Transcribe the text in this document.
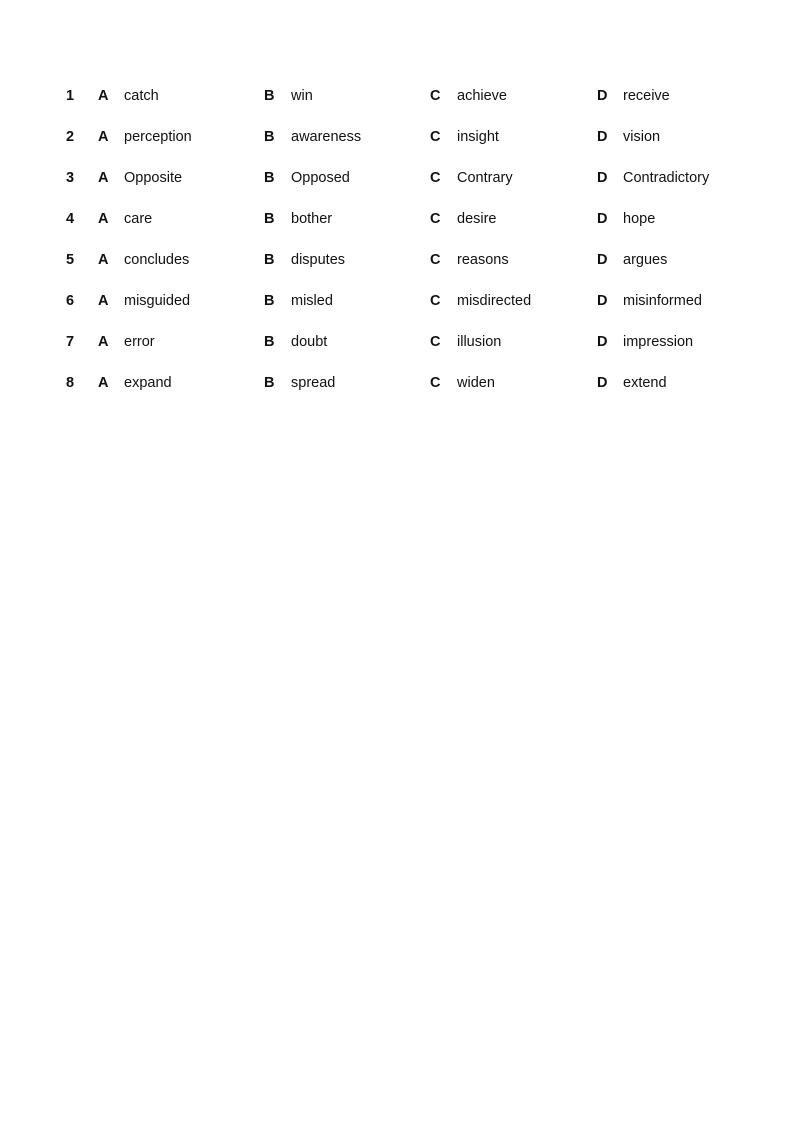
1 A catch	B win	C achieve	D receive
2 A perception	B awareness	C insight	D vision
3 A Opposite	B Opposed	C Contrary	D Contradictory
4 A care	B bother	C desire	D hope
5 A concludes	B disputes	C reasons	D argues
6 A misguided	B misled	C misdirected	D misinformed
7 A error	B doubt	C illusion	D impression
8 A expand	B spread	C widen	D extend
